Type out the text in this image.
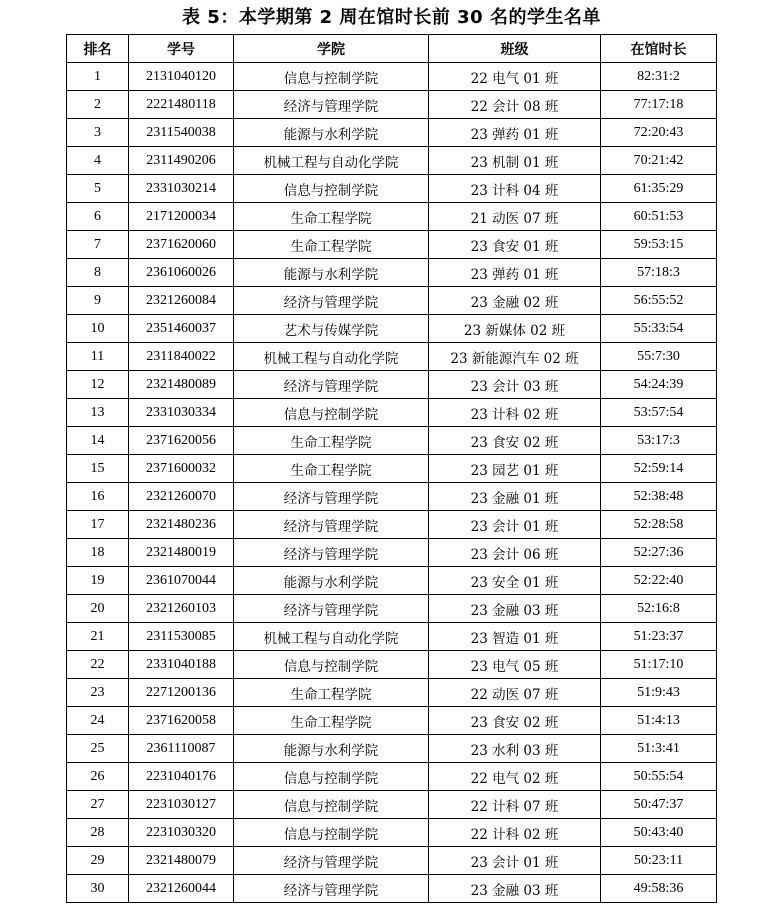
表 5：本学期第 2 周在馆时长前 30 名的学生名单
排名	学号	学院	班级	在馆时长
1	2131040120	信息与控制学院	22 电气 01 班	82:31:2
2	2221480118	经济与管理学院	22 会计 08 班	77:17:18
3	2311540038	能源与水利学院	23 弹药 01 班	72:20:43
4	2311490206	机械工程与自动化学院	23 机制 01 班	70:21:42
5	2331030214	信息与控制学院	23 计科 04 班	61:35:29
6	2171200034	生命工程学院	21 动医 07 班	60:51:53
7	2371620060	生命工程学院	23 食安 01 班	59:53:15
8	2361060026	能源与水利学院	23 弹药 01 班	57:18:3
9	2321260084	经济与管理学院	23 金融 02 班	56:55:52
10	2351460037	艺术与传媒学院	23 新媒体 02 班	55:33:54
11	2311840022	机械工程与自动化学院	23 新能源汽车 02 班	55:7:30
12	2321480089	经济与管理学院	23 会计 03 班	54:24:39
13	2331030334	信息与控制学院	23 计科 02 班	53:57:54
14	2371620056	生命工程学院	23 食安 02 班	53:17:3
15	2371600032	生命工程学院	23 园艺 01 班	52:59:14
16	2321260070	经济与管理学院	23 金融 01 班	52:38:48
17	2321480236	经济与管理学院	23 会计 01 班	52:28:58
18	2321480019	经济与管理学院	23 会计 06 班	52:27:36
19	2361070044	能源与水利学院	23 安全 01 班	52:22:40
20	2321260103	经济与管理学院	23 金融 03 班	52:16:8
21	2311530085	机械工程与自动化学院	23 智造 01 班	51:23:37
22	2331040188	信息与控制学院	23 电气 05 班	51:17:10
23	2271200136	生命工程学院	22 动医 07 班	51:9:43
24	2371620058	生命工程学院	23 食安 02 班	51:4:13
25	2361110087	能源与水利学院	23 水利 03 班	51:3:41
26	2231040176	信息与控制学院	22 电气 02 班	50:55:54
27	2231030127	信息与控制学院	22 计科 07 班	50:47:37
28	2231030320	信息与控制学院	22 计科 02 班	50:43:40
29	2321480079	经济与管理学院	23 会计 01 班	50:23:11
30	2321260044	经济与管理学院	23 金融 03 班	49:58:36
